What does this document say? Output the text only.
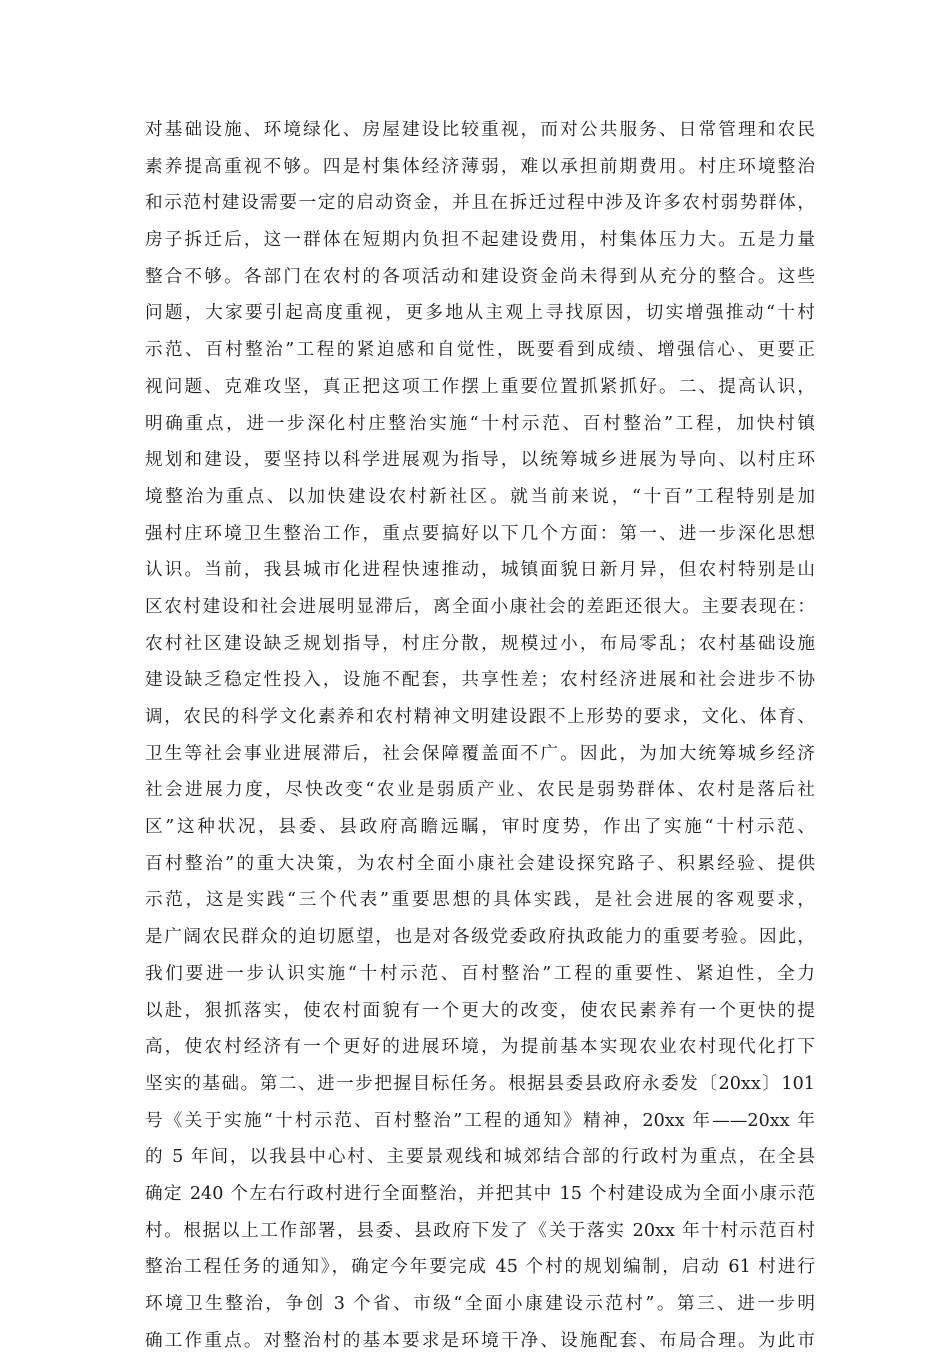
对基础设施、环境绿化、房屋建设比较重视，而对公共服务、日常管理和农民
素养提高重视不够。四是村集体经济薄弱，难以承担前期费用。村庄环境整治
和示范村建设需要一定的启动资金，并且在拆迁过程中涉及许多农村弱势群体，
房子拆迁后，这一群体在短期内负担不起建设费用，村集体压力大。五是力量
整合不够。各部门在农村的各项活动和建设资金尚未得到从充分的整合。这些
问题，大家要引起高度重视，更多地从主观上寻找原因，切实增强推动“十村
示范、百村整治”工程的紧迫感和自觉性，既要看到成绩、增强信心、更要正
视问题、克难攻坚，真正把这项工作摆上重要位置抓紧抓好。二、提高认识，
明确重点，进一步深化村庄整治实施“十村示范、百村整治”工程，加快村镇
规划和建设，要坚持以科学进展观为指导，以统筹城乡进展为导向、以村庄环
境整治为重点、以加快建设农村新社区。就当前来说，“十百”工程特别是加
强村庄环境卫生整治工作，重点要搞好以下几个方面：第一、进一步深化思想
认识。当前，我县城市化进程快速推动，城镇面貌日新月异，但农村特别是山
区农村建设和社会进展明显滞后，离全面小康社会的差距还很大。主要表现在：
农村社区建设缺乏规划指导，村庄分散，规模过小，布局零乱；农村基础设施
建设缺乏稳定性投入，设施不配套，共享性差；农村经济进展和社会进步不协
调，农民的科学文化素养和农村精神文明建设跟不上形势的要求，文化、体育、
卫生等社会事业进展滞后，社会保障覆盖面不广。因此，为加大统筹城乡经济
社会进展力度，尽快改变“农业是弱质产业、农民是弱势群体、农村是落后社
区”这种状况，县委、县政府高瞻远瞩，审时度势，作出了实施“十村示范、
百村整治”的重大决策，为农村全面小康社会建设探究路子、积累经验、提供
示范，这是实践“三个代表”重要思想的具体实践，是社会进展的客观要求，
是广阔农民群众的迫切愿望，也是对各级党委政府执政能力的重要考验。因此，
我们要进一步认识实施“十村示范、百村整治”工程的重要性、紧迫性，全力
以赴，狠抓落实，使农村面貌有一个更大的改变，使农民素养有一个更快的提
高，使农村经济有一个更好的进展环境，为提前基本实现农业农村现代化打下
坚实的基础。第二、进一步把握目标任务。根据县委县政府永委发〔20xx〕101
号《关于实施“十村示范、百村整治”工程的通知》精神，20xx 年——20xx 年
的 5 年间，以我县中心村、主要景观线和城郊结合部的行政村为重点，在全县
确定 240 个左右行政村进行全面整治，并把其中 15 个村建设成为全面小康示范
村。根据以上工作部署，县委、县政府下发了《关于落实 20xx 年十村示范百村
整治工程任务的通知》，确定今年要完成 45 个村的规划编制，启动 61 村进行
环境卫生整治，争创 3 个省、市级“全面小康建设示范村”。第三、进一步明
确工作重点。对整治村的基本要求是环境干净、设施配套、布局合理。为此市
